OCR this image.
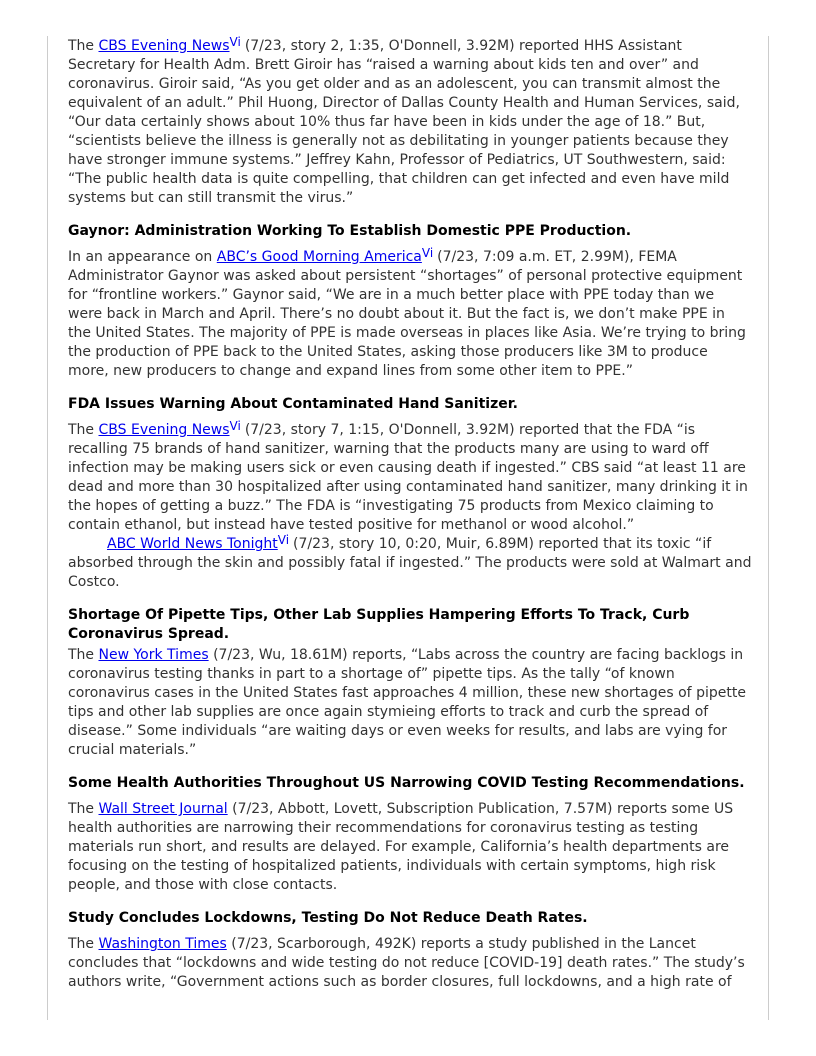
The CBS Evening News$^{Vi}$ (7/23, story 2, 1:35, O'Donnell, 3.92M) reported HHS Assistant Secretary for Health Adm. Brett Giroir has “raised a warning about kids ten and over” and coronavirus. Giroir said, “As you get older and as an adolescent, you can transmit almost the equivalent of an adult.” Phil Huong, Director of Dallas County Health and Human Services, said, “Our data certainly shows about 10% thus far have been in kids under the age of 18.” But, “scientists believe the illness is generally not as debilitating in younger patients because they have stronger immune systems.” Jeffrey Kahn, Professor of Pediatrics, UT Southwestern, said: “The public health data is quite compelling, that children can get infected and even have mild systems but can still transmit the virus.”

Gaynor: Administration Working To Establish Domestic PPE Production.

In an appearance on ABC’s Good Morning America$^{Vi}$ (7/23, 7:09 a.m. ET, 2.99M), FEMA Administrator Gaynor was asked about persistent “shortages” of personal protective equipment for “frontline workers.” Gaynor said, “We are in a much better place with PPE today than we were back in March and April. There’s no doubt about it. But the fact is, we don’t make PPE in the United States. The majority of PPE is made overseas in places like Asia. We’re trying to bring the production of PPE back to the United States, asking those producers like 3M to produce more, new producers to change and expand lines from some other item to PPE.”

FDA Issues Warning About Contaminated Hand Sanitizer.

The CBS Evening News$^{Vi}$ (7/23, story 7, 1:15, O'Donnell, 3.92M) reported that the FDA “is recalling 75 brands of hand sanitizer, warning that the products many are using to ward off infection may be making users sick or even causing death if ingested.” CBS said “at least 11 are dead and more than 30 hospitalized after using contaminated hand sanitizer, many drinking it in the hopes of getting a buzz.” The FDA is “investigating 75 products from Mexico claiming to contain ethanol, but instead have tested positive for methanol or wood alcohol.”

ABC World News Tonight$^{Vi}$ (7/23, story 10, 0:20, Muir, 6.89M) reported that its toxic “if absorbed through the skin and possibly fatal if ingested.” The products were sold at Walmart and Costco.

Shortage Of Pipette Tips, Other Lab Supplies Hampering Efforts To Track, Curb Coronavirus Spread.

The New York Times (7/23, Wu, 18.61M) reports, “Labs across the country are facing backlogs in coronavirus testing thanks in part to a shortage of” pipette tips. As the tally “of known coronavirus cases in the United States fast approaches 4 million, these new shortages of pipette tips and other lab supplies are once again stymieing efforts to track and curb the spread of disease.” Some individuals “are waiting days or even weeks for results, and labs are vying for crucial materials.”

Some Health Authorities Throughout US Narrowing COVID Testing Recommendations.

The Wall Street Journal (7/23, Abbott, Lovett, Subscription Publication, 7.57M) reports some US health authorities are narrowing their recommendations for coronavirus testing as testing materials run short, and results are delayed. For example, California’s health departments are focusing on the testing of hospitalized patients, individuals with certain symptoms, high risk people, and those with close contacts.

Study Concludes Lockdowns, Testing Do Not Reduce Death Rates.

The Washington Times (7/23, Scarborough, 492K) reports a study published in the Lancet concludes that “lockdowns and wide testing do not reduce [COVID-19] death rates.” The study’s authors write, “Government actions such as border closures, full lockdowns, and a high rate of
